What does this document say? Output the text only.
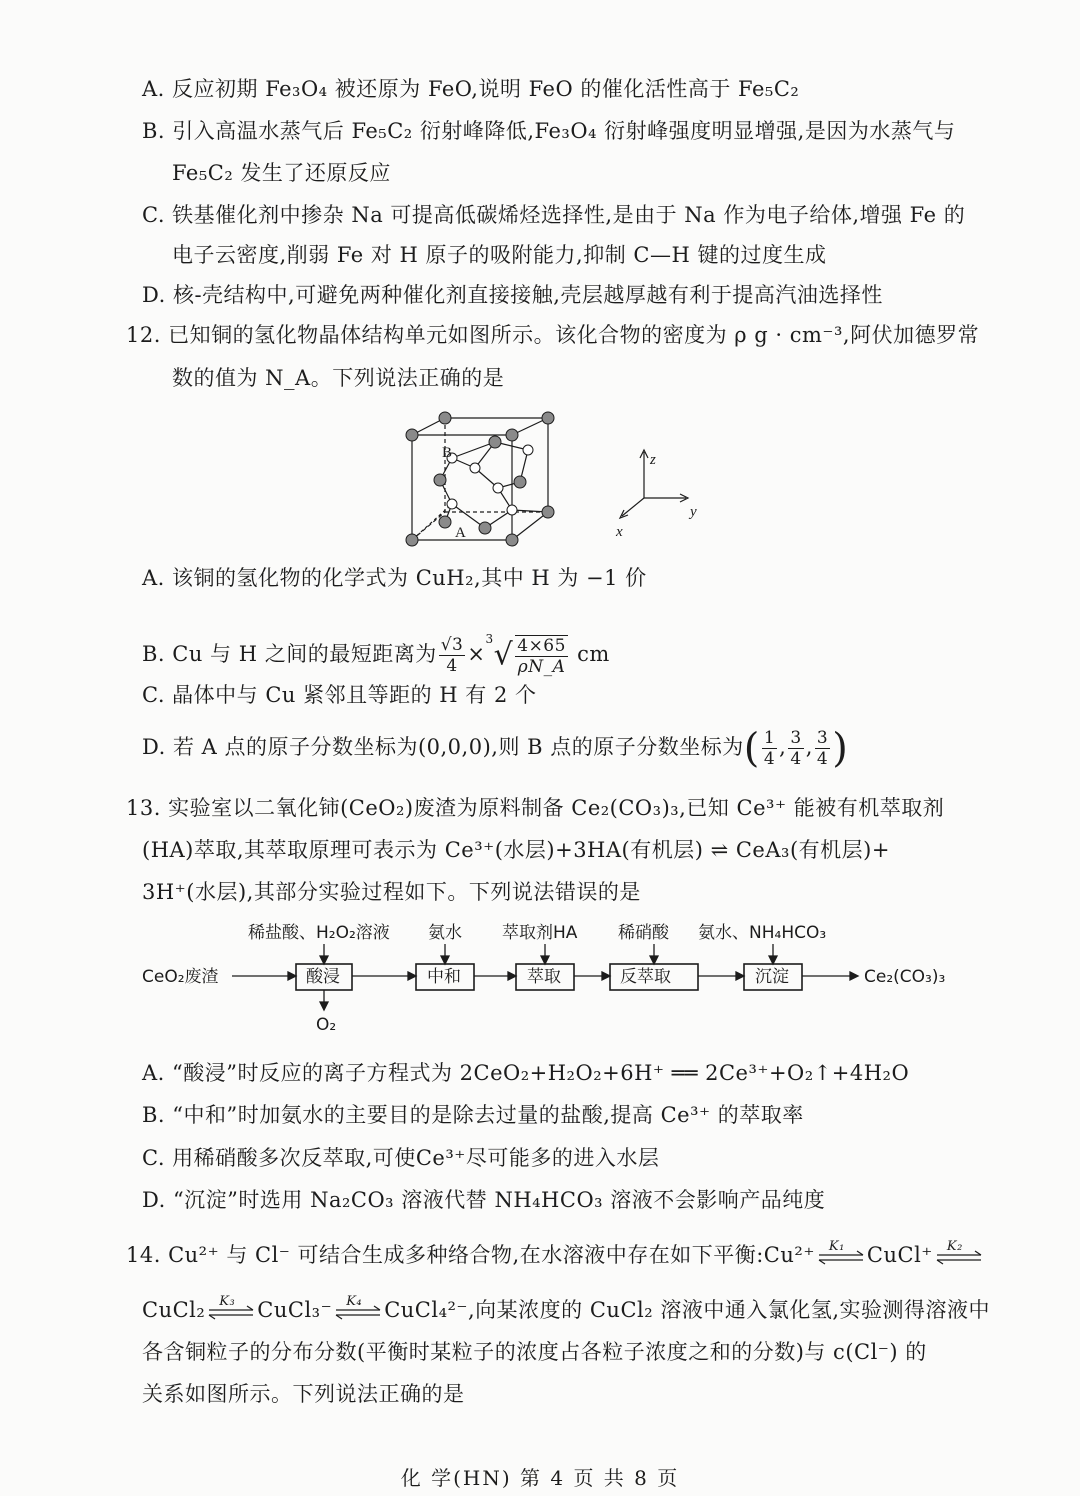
A. 反应初期 Fe₃O₄ 被还原为 FeO,说明 FeO 的催化活性高于 Fe₅C₂
B. 引入高温水蒸气后 Fe₅C₂ 衍射峰降低,Fe₃O₄ 衍射峰强度明显增强,是因为水蒸气与
Fe₅C₂ 发生了还原反应
C. 铁基催化剂中掺杂 Na 可提高低碳烯烃选择性,是由于 Na 作为电子给体,增强 Fe 的
电子云密度,削弱 Fe 对 H 原子的吸附能力,抑制 C—H 键的过度生成
D. 核-壳结构中,可避免两种催化剂直接接触,壳层越厚越有利于提高汽油选择性
12. 已知铜的氢化物晶体结构单元如图所示。该化合物的密度为 ρ g · cm⁻³,阿伏加德罗常
数的值为 N_A。下列说法正确的是
B
A
z
y
x
A. 该铜的氢化物的化学式为 CuH₂,其中 H 为 −1 价
B. Cu 与 H 之间的最短距离为 $\frac{√3}{4} \times^3√ \frac{4\times 65}{\rho N\_A}$ cm
C. 晶体中与 Cu 紧邻且等距的 H 有 2 个
D. 若 A 点的原子分数坐标为(0,0,0),则 B 点的原子分数坐标为( $\frac{1}{4}$ , $\frac{3}{4}$ , $\frac{3}{4}$ )
13. 实验室以二氧化铈(CeO₂)废渣为原料制备 Ce₂(CO₃)₃,已知 Ce³⁺ 能被有机萃取剂
(HA)萃取,其萃取原理可表示为 Ce³⁺(水层)+3HA(有机层) ⇌ CeA₃(有机层)+
3H⁺(水层),其部分实验过程如下。下列说法错误的是
稀盐酸、H₂O₂溶液 氨水 萃取剂HA 稀硝酸 氨水、NH₄HCO₃
CeO₂废渣	酸浸	中和	萃取	反萃取	沉淀	Ce₂(CO₃)₃
O₂
A. “酸浸”时反应的离子方程式为 2CeO₂+H₂O₂+6H⁺ ══ 2Ce³⁺+O₂↑+4H₂O
B. “中和”时加氨水的主要目的是除去过量的盐酸,提高 Ce³⁺ 的萃取率
C. 用稀硝酸多次反萃取,可使Ce³⁺尽可能多的进入水层
D. “沉淀”时选用 Na₂CO₃ 溶液代替 NH₄HCO₃ 溶液不会影响产品纯度
14. Cu²⁺ 与 Cl⁻ 可结合生成多种络合物,在水溶液中存在如下平衡:Cu²⁺ K₁ CuCl⁺ K₂
CuCl₂ K₃ CuCl₃⁻ K₄ CuCl₄²⁻,向某浓度的 CuCl₂ 溶液中通入氯化氢,实验测得溶液中
各含铜粒子的分布分数(平衡时某粒子的浓度占各粒子浓度之和的分数)与 c(Cl⁻) 的
关系如图所示。下列说法正确的是
化 学(HN) 第 4 页 共 8 页
